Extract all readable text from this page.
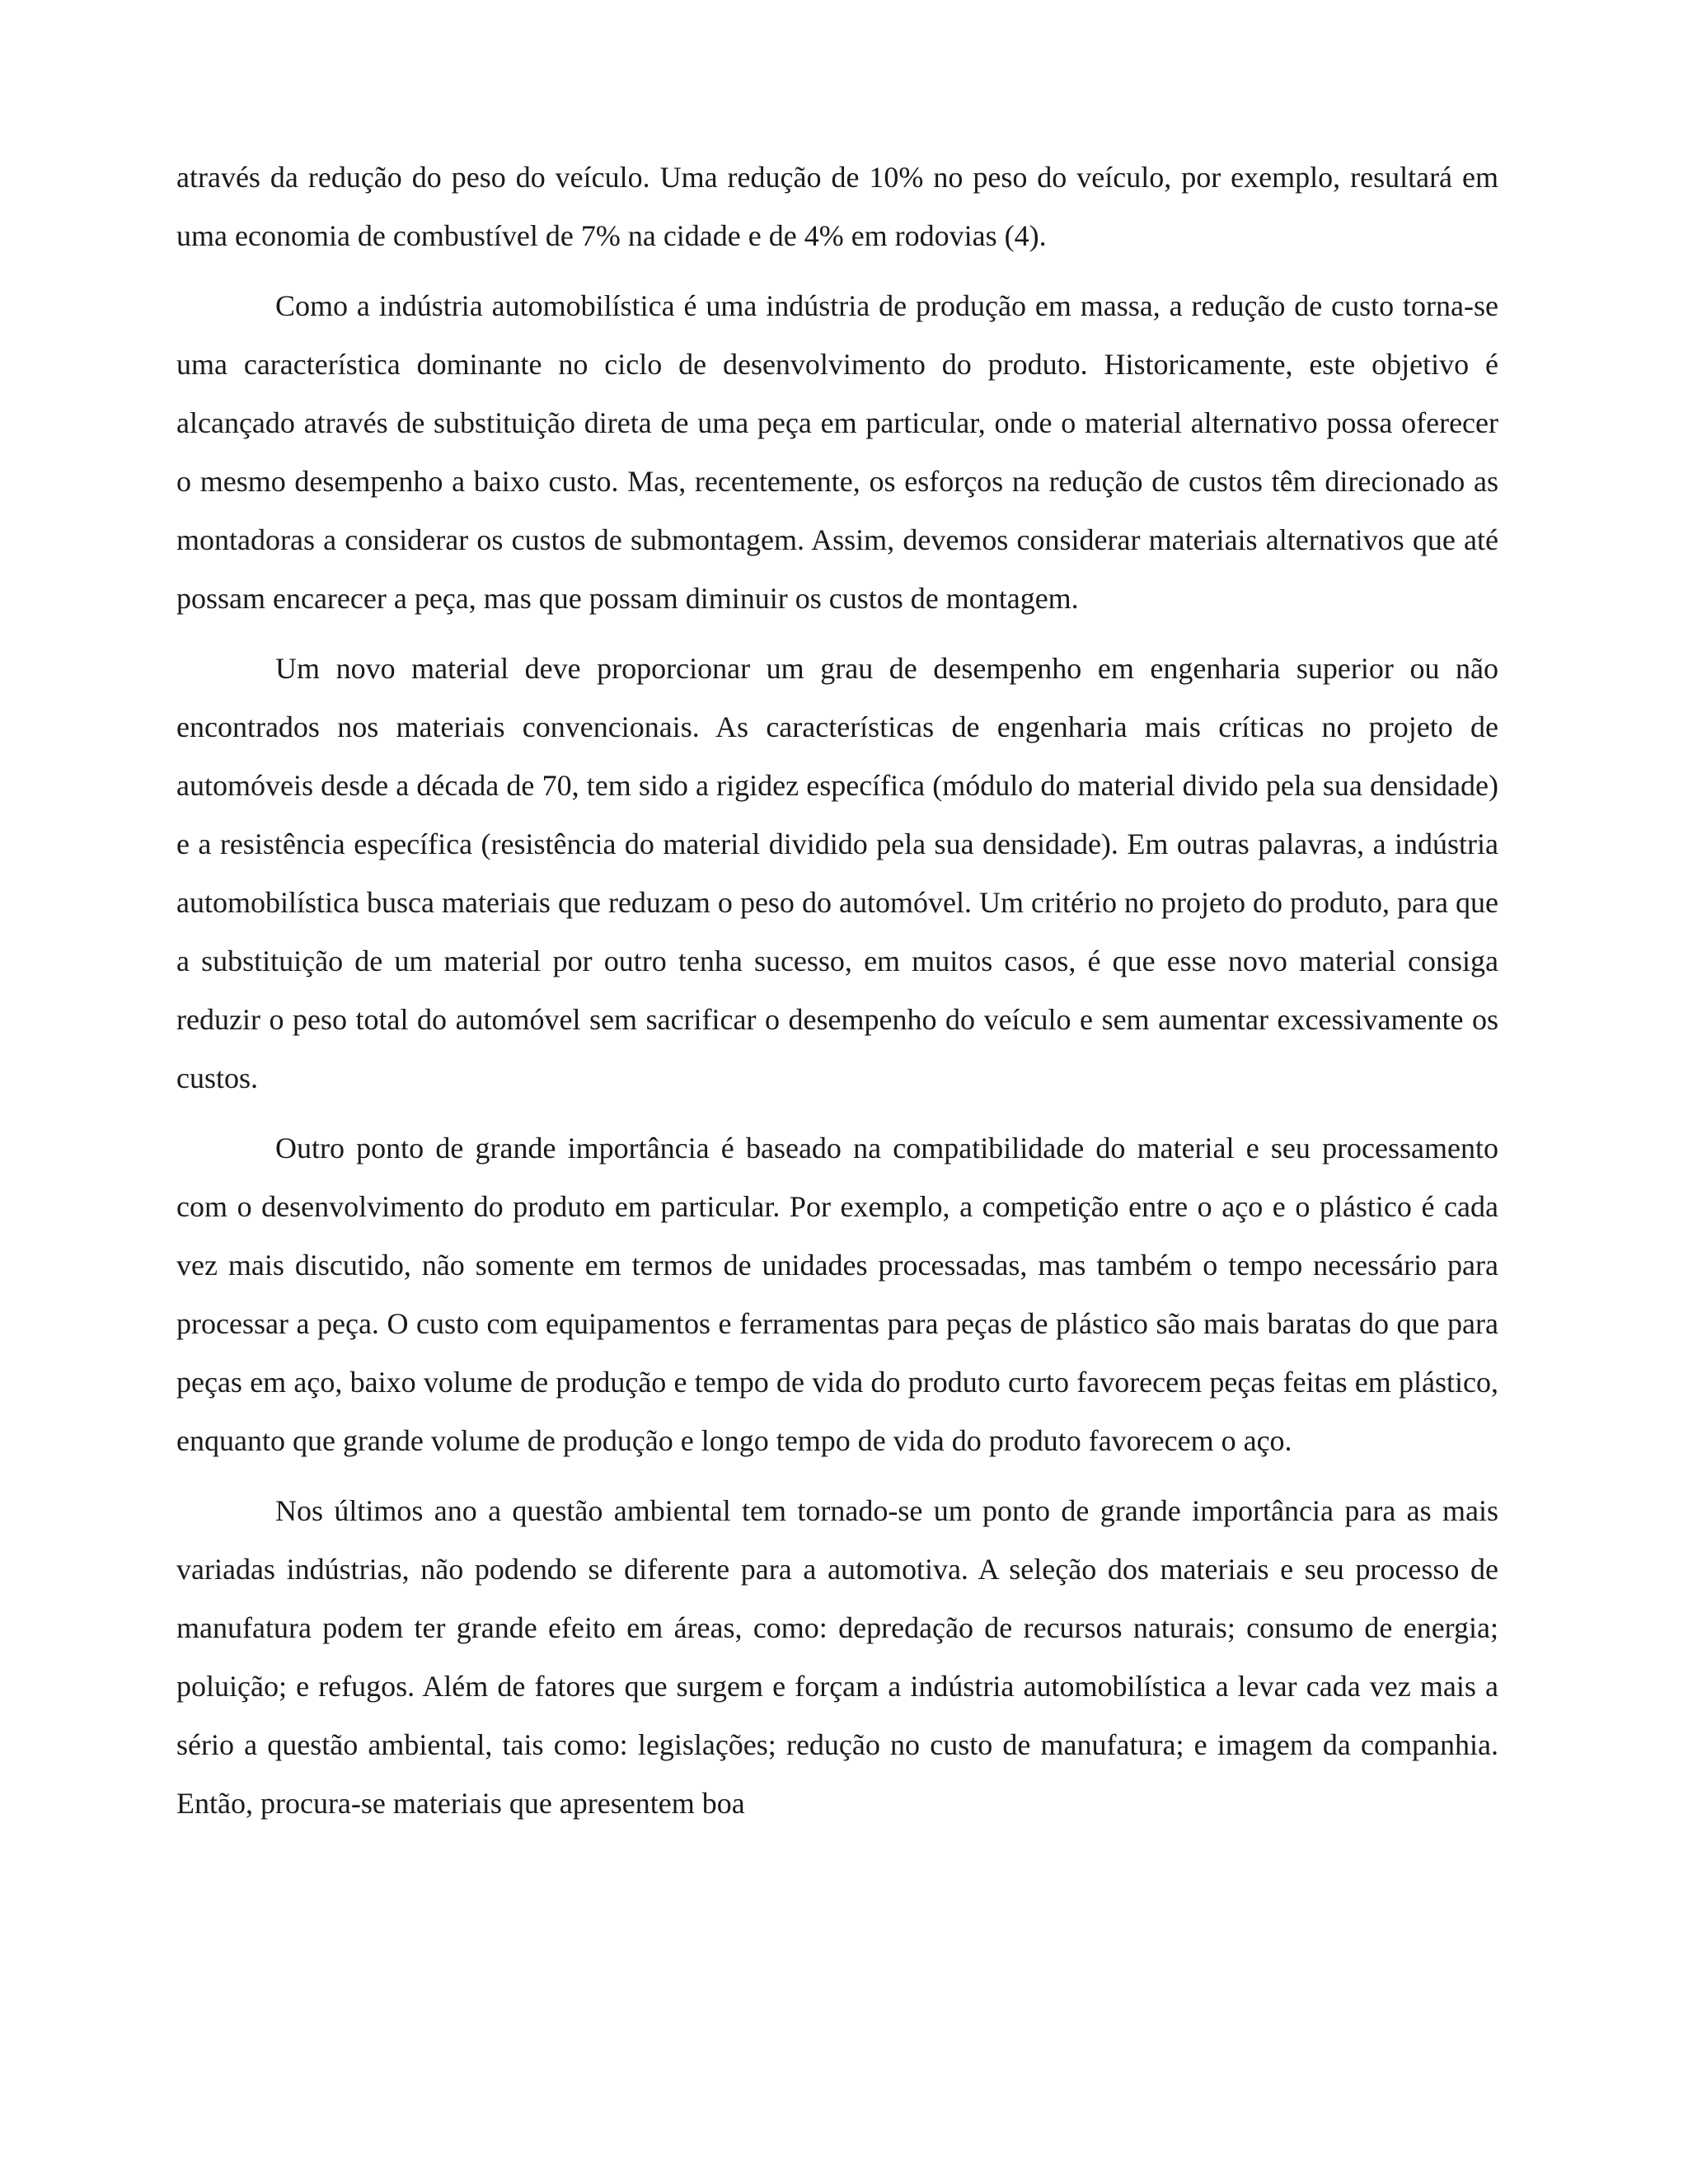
através da redução do peso do veículo. Uma redução de 10% no peso do veículo, por exemplo, resultará em uma economia de combustível de 7% na cidade e de 4% em rodovias (4).

Como a indústria automobilística é uma indústria de produção em massa, a redução de custo torna-se uma característica dominante no ciclo de desenvolvimento do produto. Historicamente, este objetivo é alcançado através de substituição direta de uma peça em particular, onde o material alternativo possa oferecer o mesmo desempenho a baixo custo. Mas, recentemente, os esforços na redução de custos têm direcionado as montadoras a considerar os custos de submontagem. Assim, devemos considerar materiais alternativos que até possam encarecer a peça, mas que possam diminuir os custos de montagem.

Um novo material deve proporcionar um grau de desempenho em engenharia superior ou não encontrados nos materiais convencionais. As características de engenharia mais críticas no projeto de automóveis desde a década de 70, tem sido a rigidez específica (módulo do material divido pela sua densidade) e a resistência específica (resistência do material dividido pela sua densidade). Em outras palavras, a indústria automobilística busca materiais que reduzam o peso do automóvel. Um critério no projeto do produto, para que a substituição de um material por outro tenha sucesso, em muitos casos, é que esse novo material consiga reduzir o peso total do automóvel sem sacrificar o desempenho do veículo e sem aumentar excessivamente os custos.

Outro ponto de grande importância é baseado na compatibilidade do material e seu processamento com o desenvolvimento do produto em particular. Por exemplo, a competição entre o aço e o plástico é cada vez mais discutido, não somente em termos de unidades processadas, mas também o tempo necessário para processar a peça. O custo com equipamentos e ferramentas para peças de plástico são mais baratas do que para peças em aço, baixo volume de produção e tempo de vida do produto curto favorecem peças feitas em plástico, enquanto que grande volume de produção e longo tempo de vida do produto favorecem o aço.

Nos últimos ano a questão ambiental tem tornado-se um ponto de grande importância para as mais variadas indústrias, não podendo se diferente para a automotiva. A seleção dos materiais e seu processo de manufatura podem ter grande efeito em áreas, como: depredação de recursos naturais; consumo de energia; poluição; e refugos. Além de fatores que surgem e forçam a indústria automobilística a levar cada vez mais a sério a questão ambiental, tais como: legislações; redução no custo de manufatura; e imagem da companhia. Então, procura-se materiais que apresentem boa
